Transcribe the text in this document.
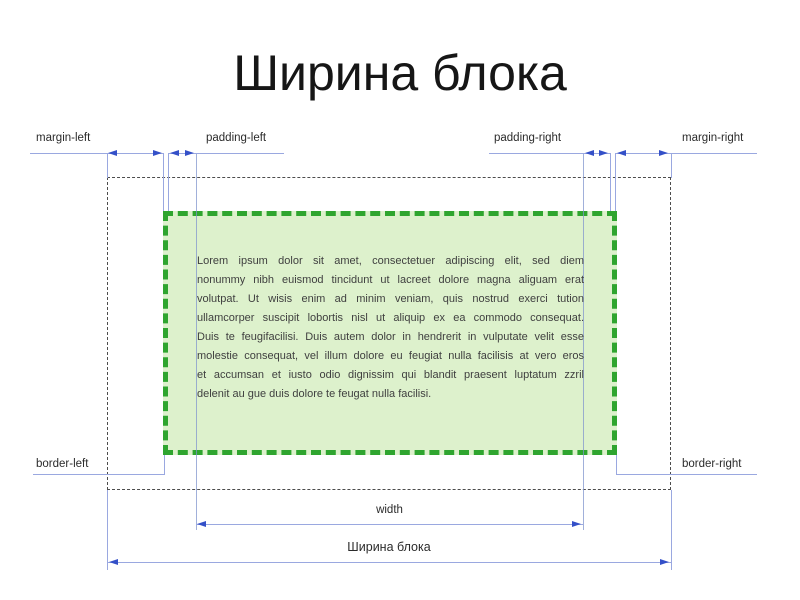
Ширина блока
Lorem ipsum dolor sit amet, consectetuer adipiscing elit, sed diem
nonummy nibh euismod tincidunt ut lacreet dolore magna aliguam erat
volutpat. Ut wisis enim ad minim veniam, quis nostrud exerci tution
ullamcorper suscipit lobortis nisl ut aliquip ex ea commodo consequat.
Duis te feugifacilisi. Duis autem dolor in hendrerit in vulputate velit esse
molestie consequat, vel illum dolore eu feugiat nulla facilisis at vero eros
et accumsan et iusto odio dignissim qui blandit praesent luptatum zzril
delenit au gue duis dolore te feugat nulla facilisi.
margin-left	padding-left	padding-right	margin-right
border-left	border-right
width
Ширина блока
